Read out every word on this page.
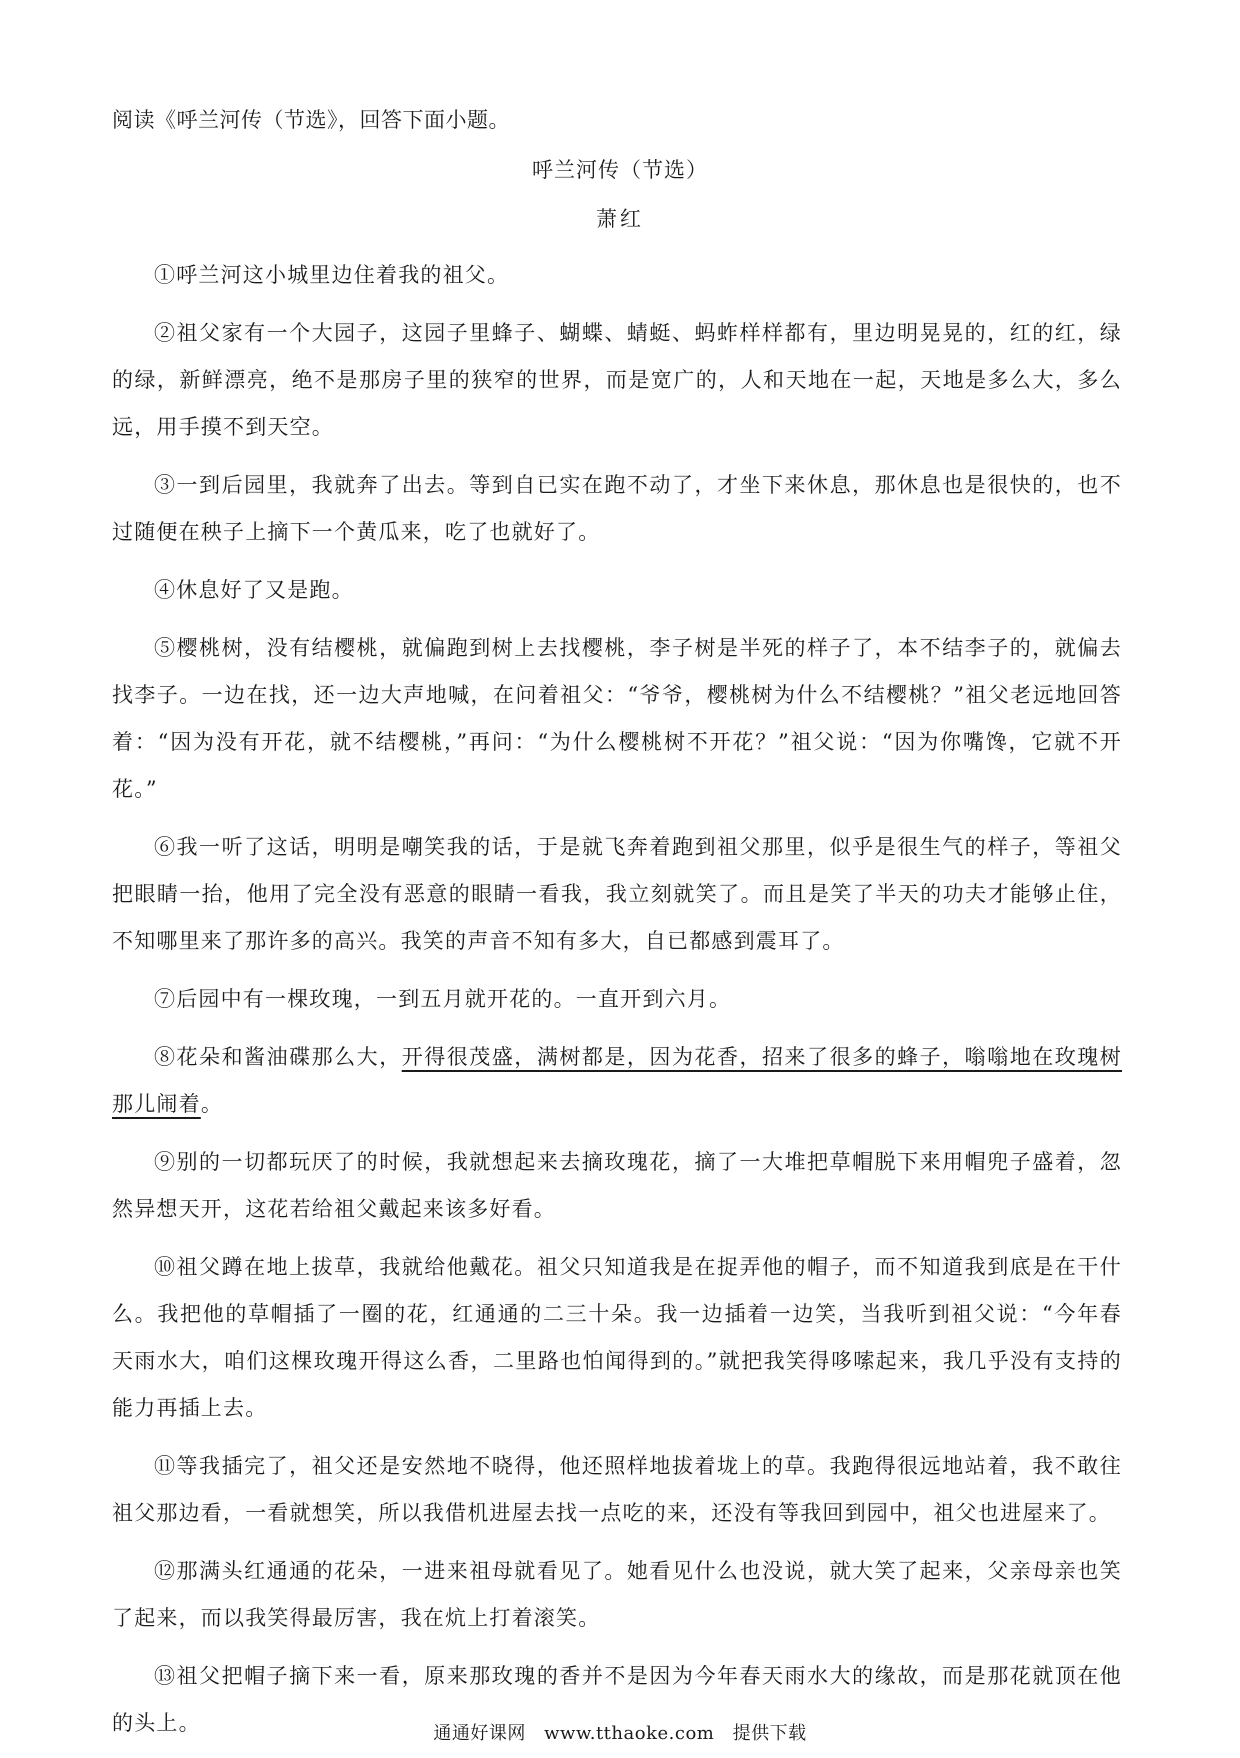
阅读《呼兰河传（节选》，回答下面小题。
呼兰河传（节选）
萧红

①呼兰河这小城里边住着我的祖父。

②祖父家有一个大园子，这园子里蜂子、蝴蝶、蜻蜓、蚂蚱样样都有，里边明晃晃的，红的红，绿的绿，新鲜漂亮，绝不是那房子里的狭窄的世界，而是宽广的，人和天地在一起，天地是多么大，多么远，用手摸不到天空。

③一到后园里，我就奔了出去。等到自已实在跑不动了，才坐下来休息，那休息也是很快的，也不过随便在秧子上摘下一个黄瓜来，吃了也就好了。

④休息好了又是跑。

⑤樱桃树，没有结樱桃，就偏跑到树上去找樱桃，李子树是半死的样子了，本不结李子的，就偏去找李子。一边在找，还一边大声地喊，在问着祖父：“爷爷，樱桃树为什么不结樱桃？”祖父老远地回答着：“因为没有开花，就不结樱桃，”再问：“为什么樱桃树不开花？”祖父说：“因为你嘴馋，它就不开花。”

⑥我一听了这话，明明是嘲笑我的话，于是就飞奔着跑到祖父那里，似乎是很生气的样子，等祖父把眼睛一抬，他用了完全没有恶意的眼睛一看我，我立刻就笑了。而且是笑了半天的功夫才能够止住，不知哪里来了那许多的高兴。我笑的声音不知有多大，自已都感到震耳了。

⑦后园中有一棵玫瑰，一到五月就开花的。一直开到六月。

⑧花朵和酱油碟那么大，开得很茂盛，满树都是，因为花香，招来了很多的蜂子，嗡嗡地在玫瑰树那儿闹着。

⑨别的一切都玩厌了的时候，我就想起来去摘玫瑰花，摘了一大堆把草帽脱下来用帽兜子盛着，忽然异想天开，这花若给祖父戴起来该多好看。

⑩祖父蹲在地上拔草，我就给他戴花。祖父只知道我是在捉弄他的帽子，而不知道我到底是在干什么。我把他的草帽插了一圈的花，红通通的二三十朵。我一边插着一边笑，当我听到祖父说：“今年春天雨水大，咱们这棵玫瑰开得这么香，二里路也怕闻得到的。”就把我笑得哆嗦起来，我几乎没有支持的能力再插上去。

⑪等我插完了，祖父还是安然地不晓得，他还照样地拔着垅上的草。我跑得很远地站着，我不敢往祖父那边看，一看就想笑，所以我借机进屋去找一点吃的来，还没有等我回到园中，祖父也进屋来了。

⑫那满头红通通的花朵，一进来祖母就看见了。她看见什么也没说，就大笑了起来，父亲母亲也笑了起来，而以我笑得最厉害，我在炕上打着滚笑。

⑬祖父把帽子摘下来一看，原来那玫瑰的香并不是因为今年春天雨水大的缘故，而是那花就顶在他的头上。	通通好课网 www.tthaoke.com 提供下载
